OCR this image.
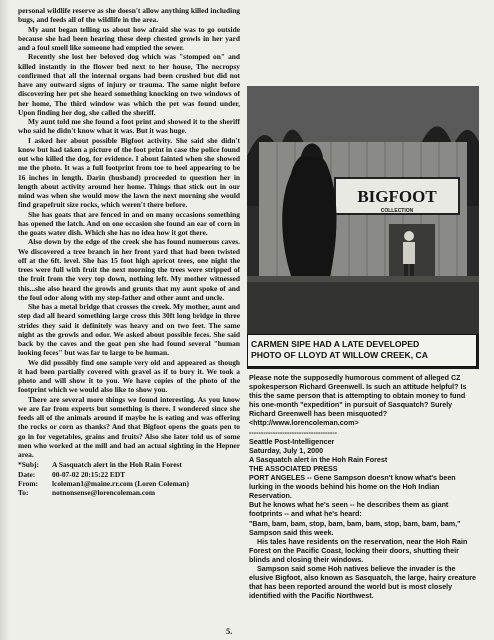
personal wildlife reserve as she doesn't allow anything killed including bugs, and feeds all of the wildlife in the area.

My aunt began telling us about how afraid she was to go outside because she had been hearing these deep chested growls in her yard and a foul smell like someone had emptied the sewer.

Recently she lost her beloved dog which was "stomped on" and killed instantly in the flower bed next to her house, The necropsy confirmed that all the internal organs had been crushed but did not have any outward signs of injury or trauma. The same night before discovering her pet she heard something knocking on two windows of her home, The third window was which the pet was found under, Upon finding her dog, she called the sheriff.

My aunt told me she found a foot print and showed it to the sheriff who said he didn't know what it was. But it was huge.

I asked her about possible Bigfoot activity. She said she didn't know but had taken a picture of the foot print in case the police found out who killed the dog, for evidence. I about fainted when she showed me the photo. It was a full footprint from toe to heel appearing to be 16 inches in length. Darin (husband) proceeded to question her in length about activity around her home. Things that stick out in our mind was when she would mow the lawn the next morning she would find grapefruit size rocks, which weren't there before.

She has goats that are fenced in and on many occasions something has opened the latch. And on one occasion she found an ear of corn in the goats water dish. Which she has no idea how it got there.

Also down by the edge of the creek she has found numerous caves. We discovered a tree branch in her front yard that had been twisted off at the 6ft. level. She has 15 foot high apricot trees, one night the trees were full with fruit the next morning the trees were stripped of the fruit from the very top down, nothing left. My mother witnessed this...she also heard the growls and grunts that my aunt spoke of and the foul odor along with my step-father and other aunt and uncle.

She has a metal bridge that crosses the creek. My mother, aunt and step dad all heard something large cross this 30ft long bridge in three strides they said it definitely was heavy and on two feet. The same night as the growls and odor. We asked about possible feces. She said back by the caves and the goat pen she had found several "human looking feces" but was far to large to be human.

We did possibly find one sample very old and appeared as though it had been partially covered with gravel as if to bury it. We took a photo and will show it to you. We have copies of the photo of the footprint which we would also like to show you.

There are several more things we found interesting. As you know we are far from experts but something is there. I wondered since she feeds all of the animals around if maybe he is eating and was offering the rocks or corn as thanks? And that Bigfoot opens the goats pen to go in for vegetables, grains and fruits? Also she later told us of some men who worked at the mill and had an actual sighting in the Hepner area.

*Subj:	A Sasquatch alert in the Hoh Rain Forest
Date:	00-07-02 20:15:22 EDT
From:	lcoleman1@maine.rr.com (Loren Coleman)
To:	notnonsense@lorencoleman.com
BIGFOOT
COLLECTION
CARMEN SIPE HAD A LATE DEVELOPED
PHOTO OF LLOYD AT WILLOW CREEK, CA

Please note the supposedly humorous comment of alleged CZ spokesperson Richard Greenwell. Is such an attitude helpful? Is this the same person that is attempting to obtain money to fund his one-month "expedition" in pursuit of Sasquatch? Surely Richard Greenwell has been misquoted? <http://www.lorencoleman.com>

-------------------------------------

Seattle Post-Intelligencer

Saturday, July 1, 2000

A Sasquatch alert in the Hoh Rain Forest

THE ASSOCIATED PRESS

PORT ANGELES -- Gene Sampson doesn't know what's been lurking in the woods behind his home on the Hoh Indian Reservation.

But he knows what he's seen -- he describes them as giant footprints -- and what he's heard:

"Bam, bam, bam, stop, bam, bam, bam, stop, bam, bam, bam," Sampson said this week.

His tales have residents on the reservation, near the Hoh Rain Forest on the Pacific Coast, locking their doors, shutting their blinds and closing their windows.

Sampson said some Hoh natives believe the invader is the elusive Bigfoot, also known as Sasquatch, the large, hairy creature that has been reported around the world but is most closely identified with the Pacific Northwest.

5.
